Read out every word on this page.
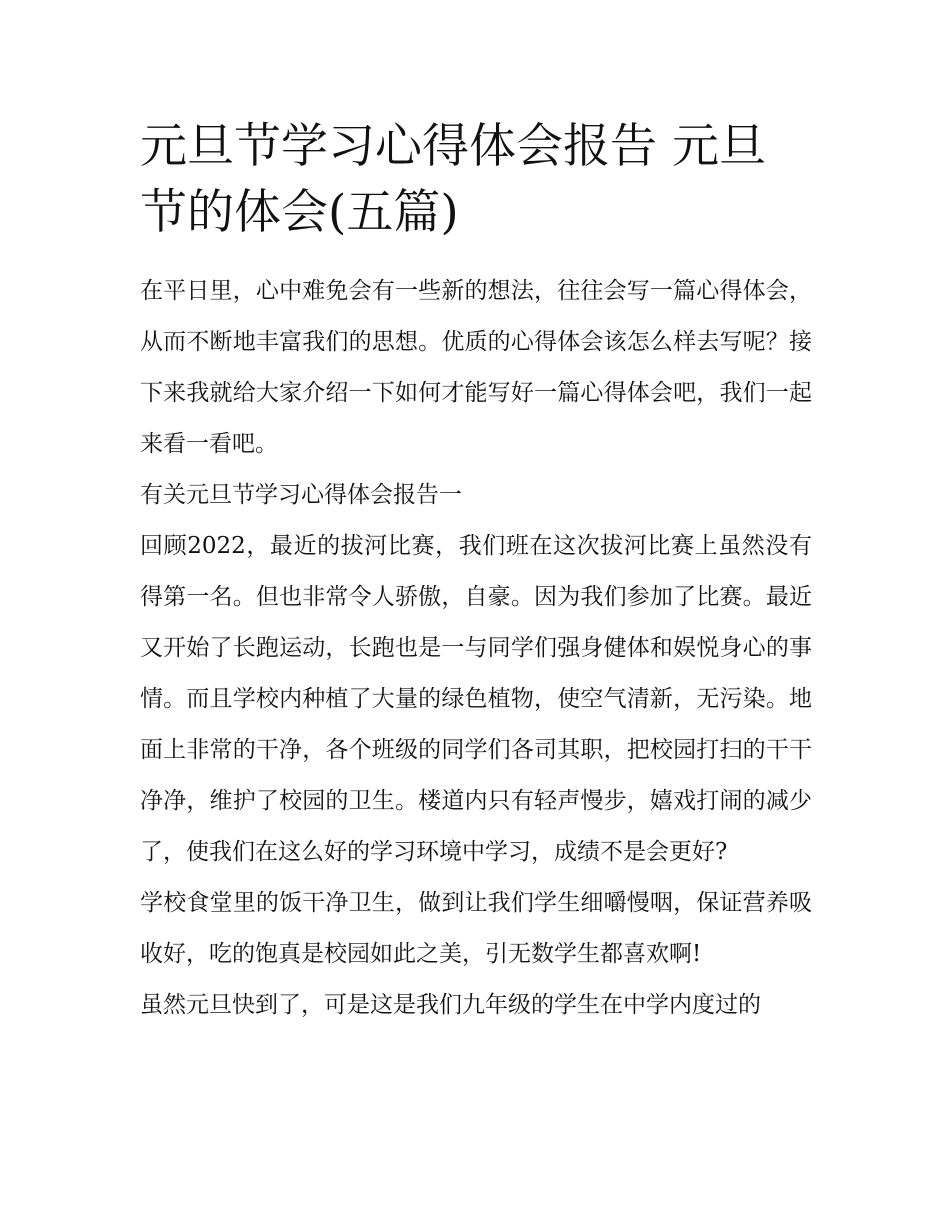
元旦节学习心得体会报告 元旦节的体会(五篇)

在平日里，心中难免会有一些新的想法，往往会写一篇心得体会，从而不断地丰富我们的思想。优质的心得体会该怎么样去写呢？接下来我就给大家介绍一下如何才能写好一篇心得体会吧，我们一起来看一看吧。

有关元旦节学习心得体会报告一

回顾2022，最近的拔河比赛，我们班在这次拔河比赛上虽然没有得第一名。但也非常令人骄傲，自豪。因为我们参加了比赛。最近又开始了长跑运动，长跑也是一与同学们强身健体和娱悦身心的事情。而且学校内种植了大量的绿色植物，使空气清新，无污染。地面上非常的干净，各个班级的同学们各司其职，把校园打扫的干干净净，维护了校园的卫生。楼道内只有轻声慢步，嬉戏打闹的减少了，使我们在这么好的学习环境中学习，成绩不是会更好?

学校食堂里的饭干净卫生，做到让我们学生细嚼慢咽，保证营养吸收好，吃的饱真是校园如此之美，引无数学生都喜欢啊!

虽然元旦快到了，可是这是我们九年级的学生在中学内度过的
